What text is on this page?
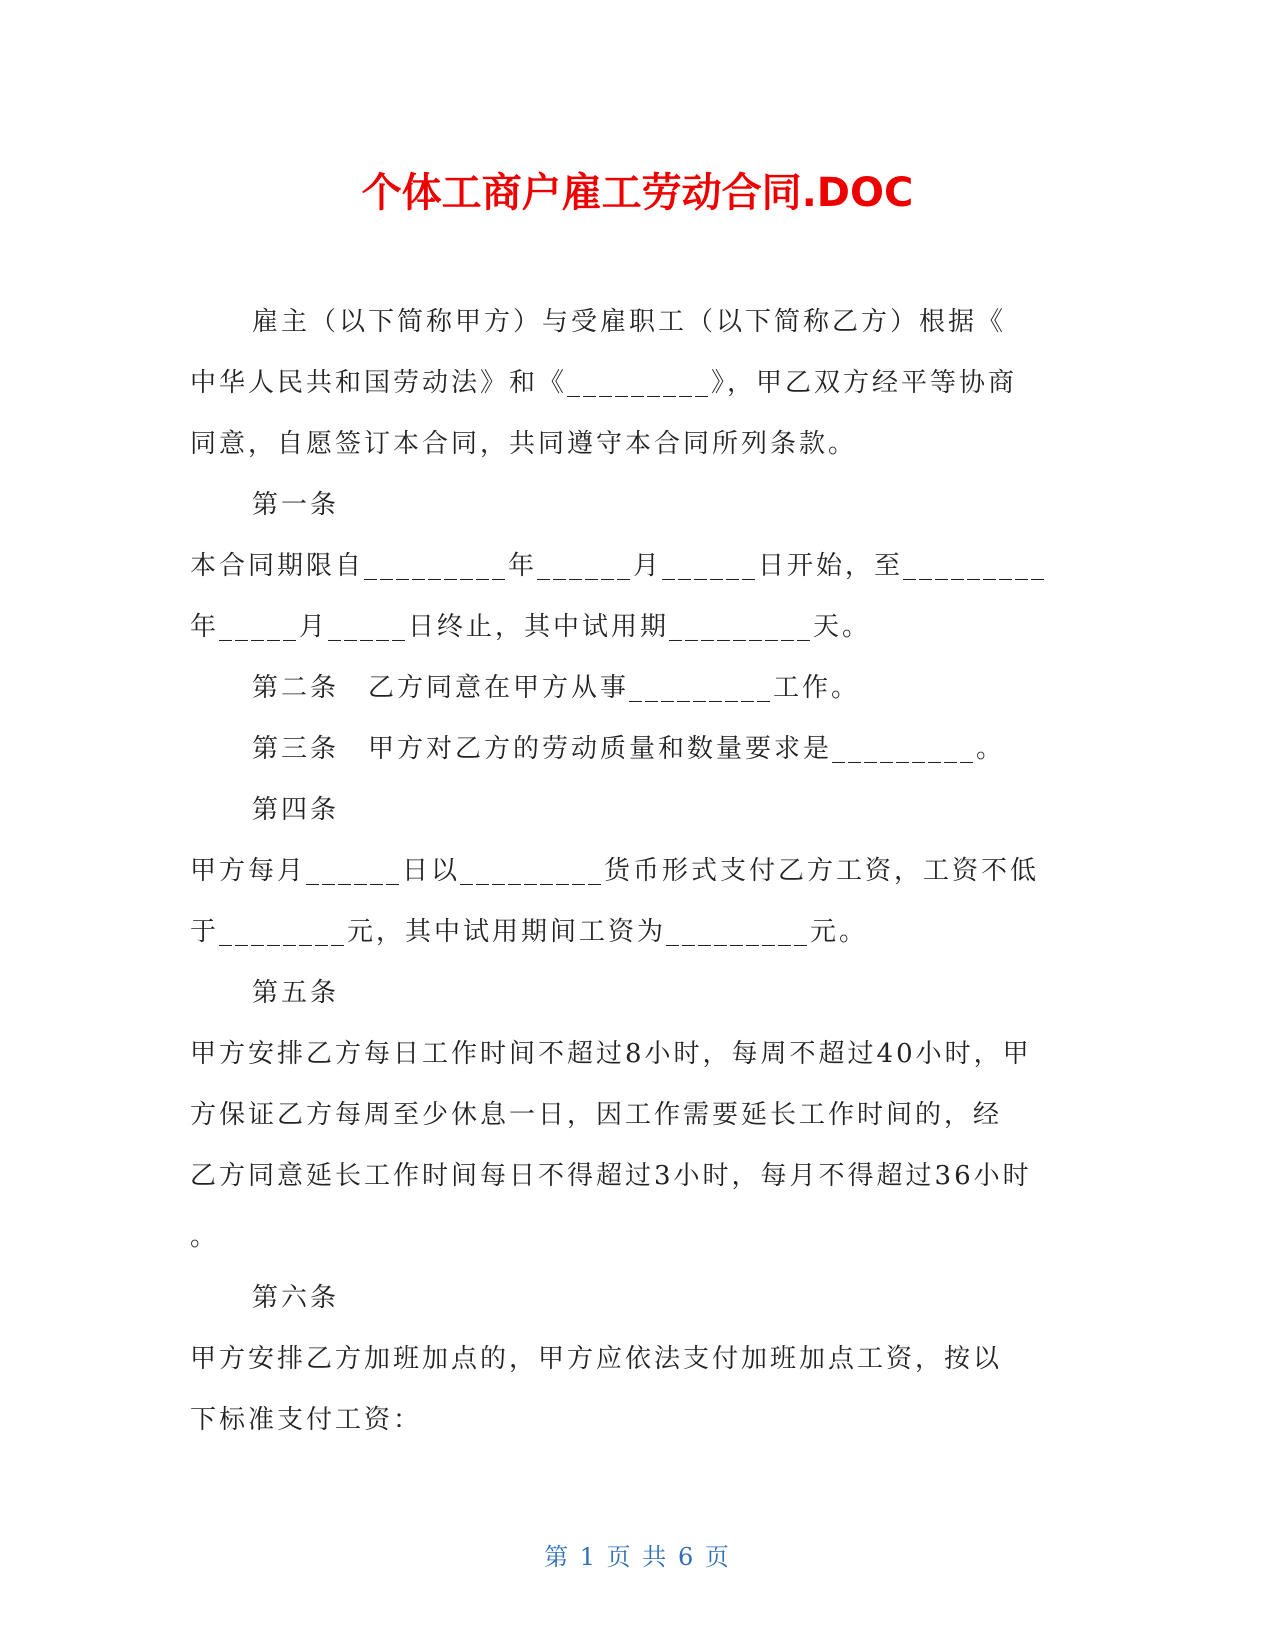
个体工商户雇工劳动合同.DOC

雇主（以下简称甲方）与受雇职工（以下简称乙方）根据《

中华人民共和国劳动法》和《_________》，甲乙双方经平等协商

同意，自愿签订本合同，共同遵守本合同所列条款。

第一条

本合同期限自_________年______月______日开始，至_________

年_____月_____日终止，其中试用期_________天。

第二条　乙方同意在甲方从事_________工作。

第三条　甲方对乙方的劳动质量和数量要求是_________。

第四条

甲方每月______日以_________货币形式支付乙方工资，工资不低

于________元，其中试用期间工资为_________元。

第五条

甲方安排乙方每日工作时间不超过8小时，每周不超过40小时，甲

方保证乙方每周至少休息一日，因工作需要延长工作时间的，经

乙方同意延长工作时间每日不得超过3小时，每月不得超过36小时

。

第六条

甲方安排乙方加班加点的，甲方应依法支付加班加点工资，按以

下标准支付工资：

第 1 页 共 6 页
